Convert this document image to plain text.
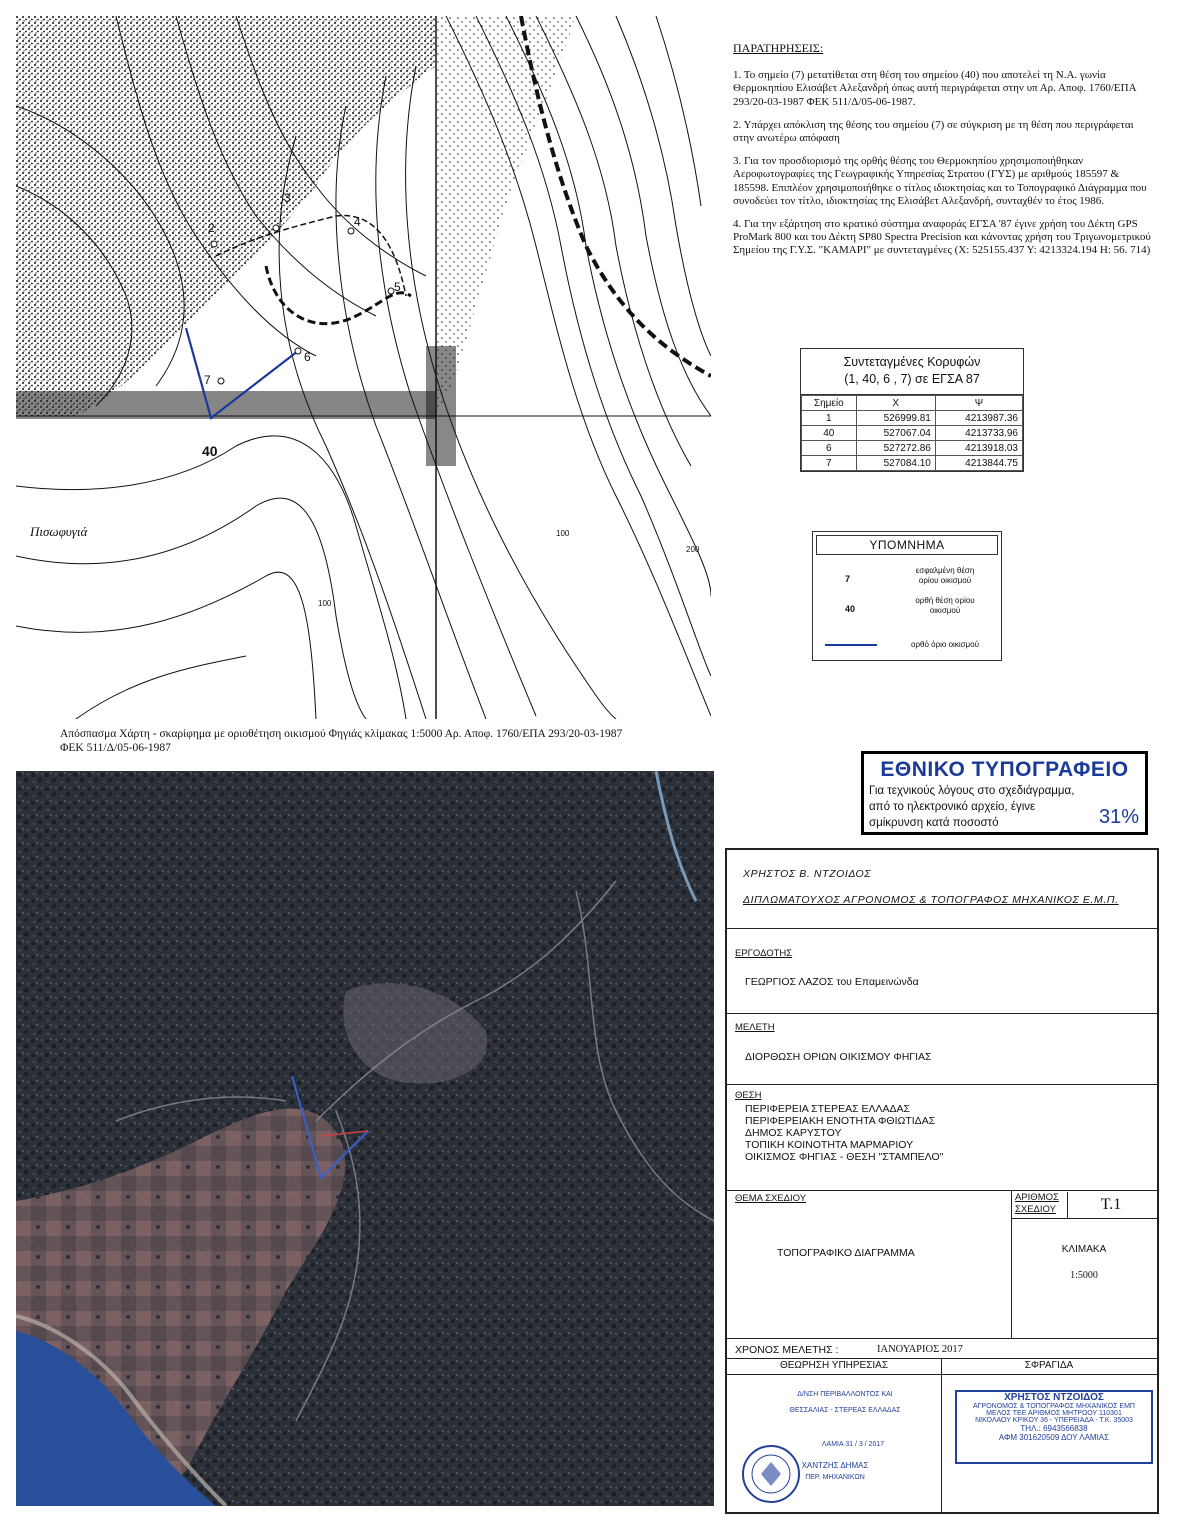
2
3
4
5
6
7
40
Πισωφυγιά	100
200
100
Απόσπασμα Χάρτη - σκαρίφημα με οριοθέτηση οικισμού Φηγιάς κλίμακας 1:5000 Αρ. Αποφ. 1760/ΕΠΑ 293/20-03-1987
ΦΕΚ 511/Δ/05-06-1987
ΠΑΡΑΤΗΡΗΣΕΙΣ:

1. Το σημείο (7) μετατίθεται στη θέση του σημείου (40) που αποτελεί τη Ν.Α. γωνία Θερμοκηπίου Ελισάβετ Αλεξανδρή όπως αυτή περιγράφεται στην υπ Αρ. Αποφ. 1760/ΕΠΑ 293/20-03-1987 ΦΕΚ 511/Δ/05-06-1987.

2. Υπάρχει απόκλιση της θέσης του σημείου (7) σε σύγκριση με τη θέση που περιγράφεται στην ανωτέρω απόφαση

3. Για τον προσδιορισμό της ορθής θέσης του Θερμοκηπίου χρησιμοποιήθηκαν Αεροφωτογραφίες της Γεωγραφικής Υπηρεσίας Στρατου (ΓΥΣ) με αριθμούς 185597 & 185598. Επιπλέον χρησιμοποιήθηκε ο τίτλος ιδιοκτησίας και το Τοπογραφικό Διάγραμμα που συνοδεύει τον τίτλο, ιδιοκτησίας της Ελισάβετ Αλεξανδρή, συνταχθέν το έτος 1986.

4. Για την εξάρτηση στο κρατικό σύστημα αναφοράς ΕΓΣΑ '87 έγινε χρήση του Δέκτη GPS ProMark 800 και του Δέκτη SP80 Spectra Precision και κάνοντας χρήση του Τριγωνομετρικού Σημείου της Γ.Υ.Σ. "ΚΑΜΑΡΙ" με συντεταγμένες (Χ: 525155.437 Υ: 4213324.194 Η: 56. 714)

Συντεταγμένες Κορυφών
(1, 40, 6 , 7) σε ΕΓΣΑ 87
Σημείο	Χ	Ψ
1	526999.81	4213987.36
40	527067.04	4213733.96
6	527272.86	4213918.03
7	527084.10	4213844.75
ΥΠΟΜΝΗΜΑ
7
εσφαλμένη θέση ορίου οικισμού
40
ορθή θέση ορίου οικισμού
ορθό όριο οικισμού
ΕΘΝΙΚΟ ΤΥΠΟΓΡΑΦΕΙΟ
Για τεχνικούς λόγους στο σχεδιάγραμμα,
από το ηλεκτρονικό αρχείο, έγινε
σμίκρυνση κατά ποσοστό	31%
ΧΡΗΣΤΟΣ Β. ΝΤΖΟΙΔΟΣ
ΔΙΠΛΩΜΑΤΟΥΧΟΣ ΑΓΡΟΝΟΜΟΣ & ΤΟΠΟΓΡΑΦΟΣ ΜΗΧΑΝΙΚΟΣ Ε.Μ.Π.
ΕΡΓΟΔΟΤΗΣ
ΓΕΩΡΓΙΟΣ ΛΑΖΟΣ του Επαμεινώνδα
ΜΕΛΕΤΗ
ΔΙΟΡΘΩΣΗ ΟΡΙΩΝ ΟΙΚΙΣΜΟΥ ΦΗΓΙΑΣ
ΘΕΣΗ
ΠΕΡΙΦΕΡΕΙΑ ΣΤΕΡΕΑΣ ΕΛΛΑΔΑΣ
ΠΕΡΙΦΕΡΕΙΑΚΗ ΕΝΟΤΗΤΑ ΦΘΙΩΤΙΔΑΣ
ΔΗΜΟΣ ΚΑΡΥΣΤΟΥ
ΤΟΠΙΚΗ ΚΟΙΝΟΤΗΤΑ ΜΑΡΜΑΡΙΟΥ
ΟΙΚΙΣΜΟΣ ΦΗΓΙΑΣ - ΘΕΣΗ "ΣΤΑΜΠΕΛΟ"
ΘΕΜΑ ΣΧΕΔΙΟΥ
ΤΟΠΟΓΡΑΦΙΚΟ ΔΙΑΓΡΑΜΜΑ
ΑΡΙΘΜΟΣ ΣΧΕΔΙΟΥ	Τ.1
ΚΛΙΜΑΚΑ
1:5000
ΧΡΟΝΟΣ ΜΕΛΕΤΗΣ :	ΙΑΝΟΥΑΡΙΟΣ 2017
ΘΕΩΡΗΣΗ ΥΠΗΡΕΣΙΑΣ	ΣΦΡΑΓΙΔΑ
Δ/ΝΣΗ ΠΕΡΙΒΑΛΛΟΝΤΟΣ ΚΑΙ
ΘΕΣΣΑΛΙΑΣ - ΣΤΕΡΕΑΣ ΕΛΛΑΔΑΣ
ΛΑΜΙΑ 31 / 3 / 2017
ΧΑΝΤΖΗΣ ΔΗΜΑΣ
ΠΕΡ. ΜΗΧΑΝΙΚΩΝ
ΧΡΗΣΤΟΣ ΝΤΖΟΙΔΟΣ
ΑΓΡΟΝΟΜΟΣ & ΤΟΠΟΓΡΑΦΟΣ ΜΗΧΑΝΙΚΟΣ ΕΜΠ
ΜΕΛΟΣ ΤΕΕ ΑΡΙΘΜΟΣ ΜΗΤΡΩΟΥ 110301
ΝΙΚΟΛΑΟΥ ΚΡΙΚΟΥ 36 - ΥΠΕΡΕΙΑΔΑ - Τ.Κ. 35003
ΤΗΛ.: 6943566838
ΑΦΜ 301620509 ΔΟΥ ΛΑΜΙΑΣ
